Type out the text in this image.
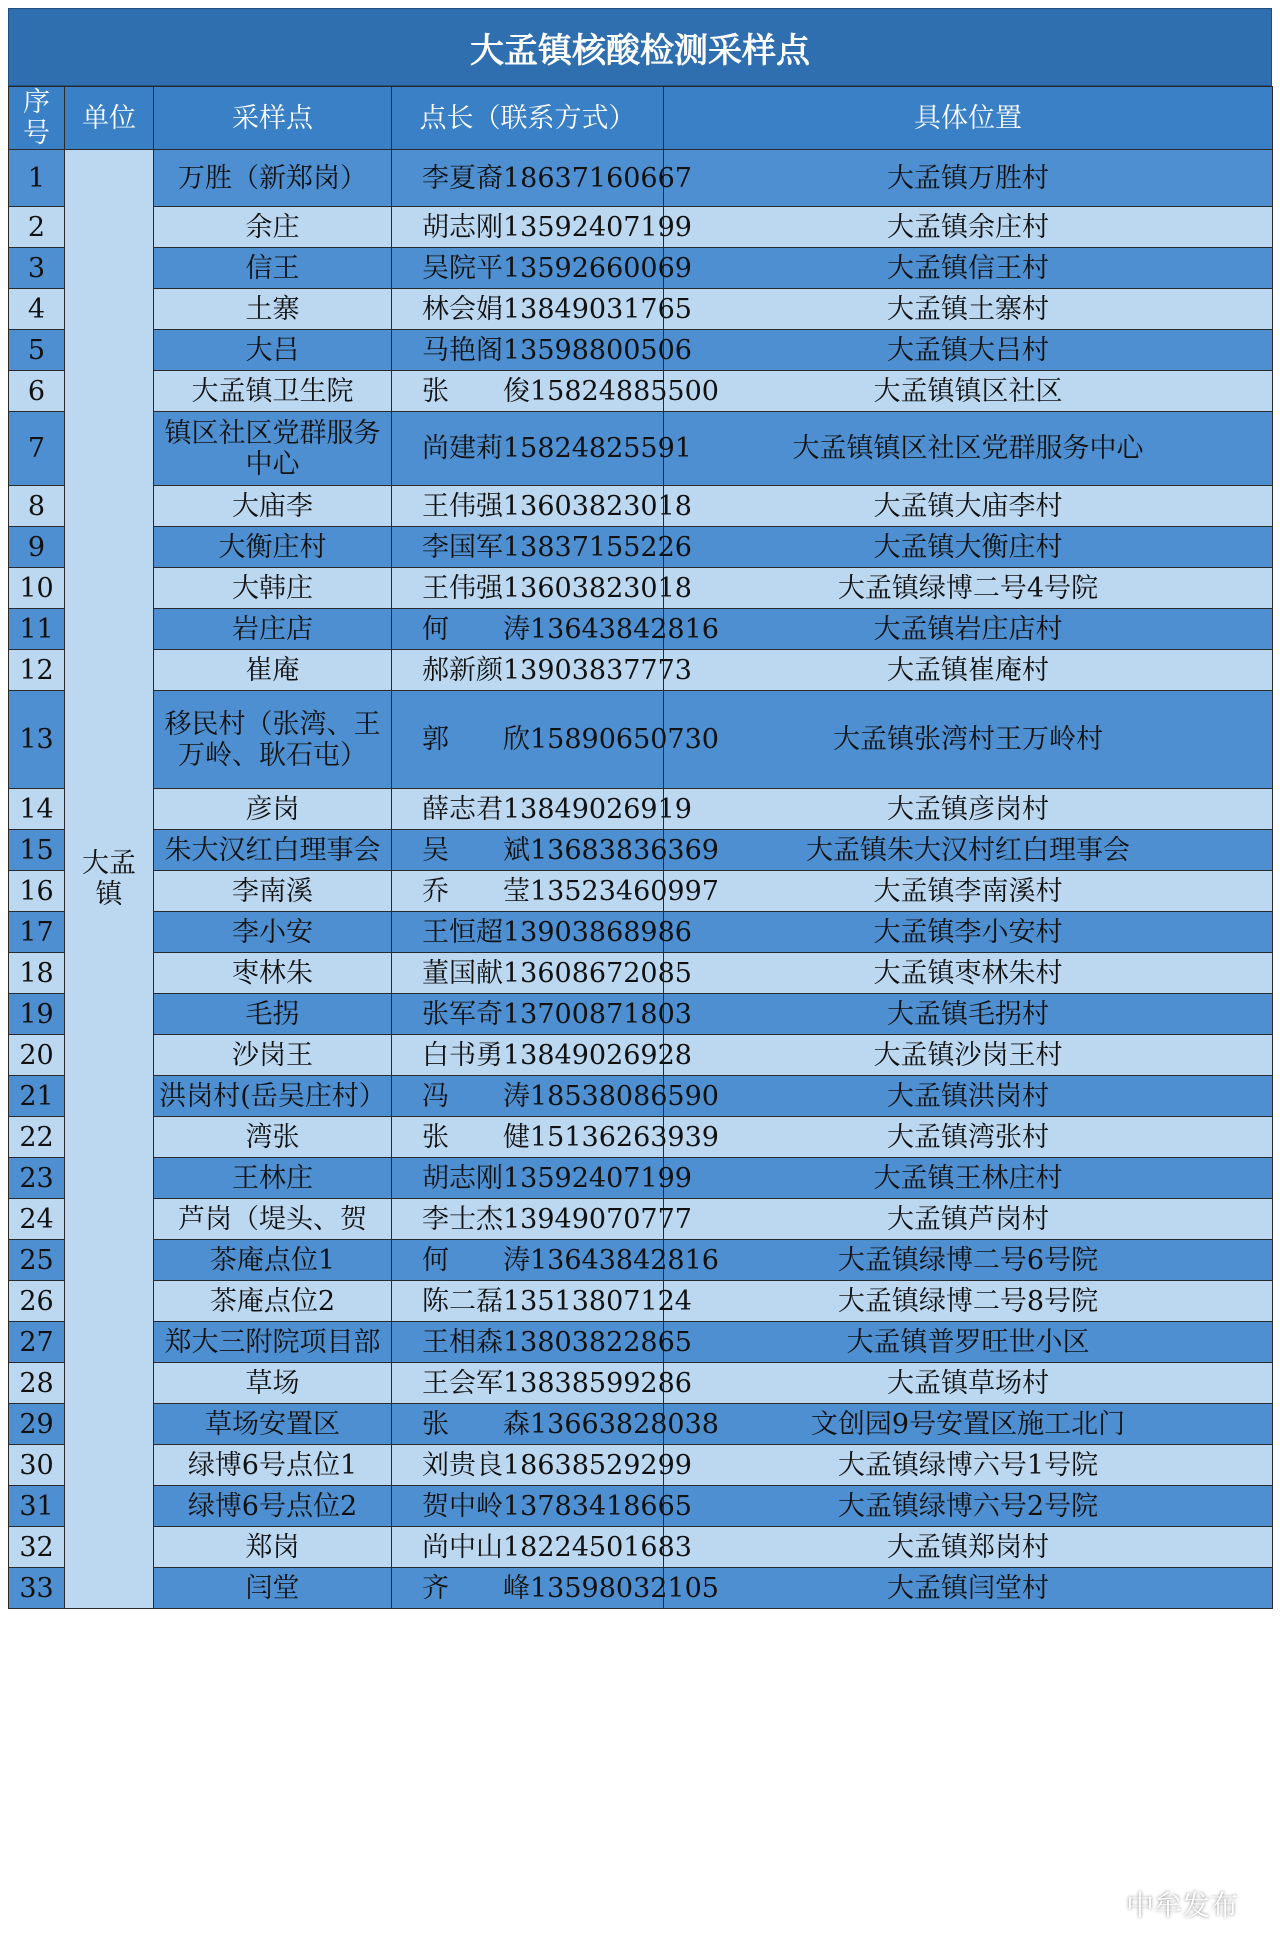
大孟镇核酸检测采样点
序号	单位	采样点	点长（联系方式）	具体位置
1	大孟镇	万胜（新郑岗）	李夏裔18637160667	大孟镇万胜村
2		余庄	胡志刚13592407199	大孟镇余庄村
3		信王	吴院平13592660069	大孟镇信王村
4		土寨	林会娟13849031765	大孟镇土寨村
5		大吕	马艳阁13598800506	大孟镇大吕村
6		大孟镇卫生院	张　　俊15824885500	大孟镇镇区社区
7		镇区社区党群服务中心	尚建莉15824825591	大孟镇镇区社区党群服务中心
8		大庙李	王伟强13603823018	大孟镇大庙李村
9		大衡庄村	李国军13837155226	大孟镇大衡庄村
10		大韩庄	王伟强13603823018	大孟镇绿博二号4号院
11		岩庄店	何　　涛13643842816	大孟镇岩庄店村
12		崔庵	郝新颜13903837773	大孟镇崔庵村
13		移民村（张湾、王万岭、耿石屯）	郭　　欣15890650730	大孟镇张湾村王万岭村
14		彦岗	薛志君13849026919	大孟镇彦岗村
15		朱大汉红白理事会	吴　　斌13683836369	大孟镇朱大汉村红白理事会
16		李南溪	乔　　莹13523460997	大孟镇李南溪村
17		李小安	王恒超13903868986	大孟镇李小安村
18		枣林朱	董国献13608672085	大孟镇枣林朱村
19		毛拐	张军奇13700871803	大孟镇毛拐村
20		沙岗王	白书勇13849026928	大孟镇沙岗王村
21		洪岗村(岳吴庄村）	冯　　涛18538086590	大孟镇洪岗村
22		湾张	张　　健15136263939	大孟镇湾张村
23		王林庄	胡志刚13592407199	大孟镇王林庄村
24		芦岗（堤头、贺	李士杰13949070777	大孟镇芦岗村
25		茶庵点位1	何　　涛13643842816	大孟镇绿博二号6号院
26		茶庵点位2	陈二磊13513807124	大孟镇绿博二号8号院
27		郑大三附院项目部	王相森13803822865	大孟镇普罗旺世小区
28		草场	王会军13838599286	大孟镇草场村
29		草场安置区	张　　森13663828038	文创园9号安置区施工北门
30		绿博6号点位1	刘贵良18638529299	大孟镇绿博六号1号院
31		绿博6号点位2	贺中岭13783418665	大孟镇绿博六号2号院
32		郑岗	尚中山18224501683	大孟镇郑岗村
33		闫堂	齐　　峰13598032105	大孟镇闫堂村
中牟发布
